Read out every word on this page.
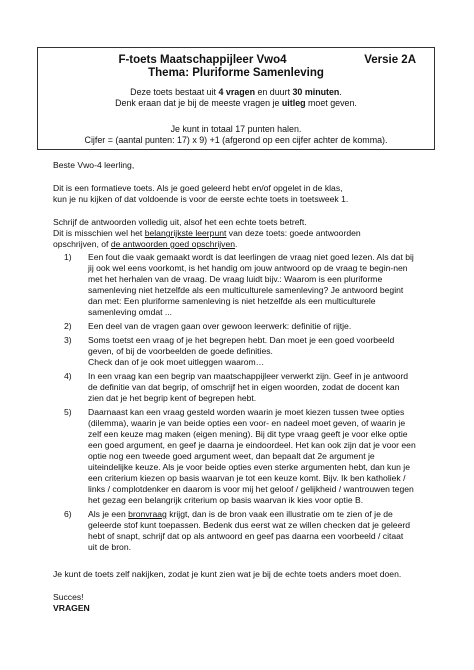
F-toets Maatschappijleer Vwo4	Versie 2A
Thema: Pluriforme Samenleving
Deze toets bestaat uit 4 vragen en duurt 30 minuten.
Denk eraan dat je bij de meeste vragen je uitleg moet geven.
Je kunt in totaal 17 punten halen.
Cijfer = (aantal punten: 17) x 9) +1 (afgerond op een cijfer achter de komma).
Beste Vwo-4 leerling,
Dit is een formatieve toets. Als je goed geleerd hebt en/of opgelet in de klas,
kun je nu kijken of dat voldoende is voor de eerste echte toets in toetsweek 1.
Schrijf de antwoorden volledig uit, alsof het een echte toets betreft.
Dit is misschien wel het belangrijkste leerpunt van deze toets: goede antwoorden
opschrijven, of de antwoorden goed opschrijven.
1) Een fout die vaak gemaakt wordt is dat leerlingen de vraag niet goed lezen. Als dat bij
jij ook wel eens voorkomt, is het handig om jouw antwoord op de vraag te begin-nen
met het herhalen van de vraag. De vraag luidt bijv.: Waarom is een pluriforme
samenleving niet hetzelfde als een multiculturele samenleving? Je antwoord begint
dan met: Een pluriforme samenleving is niet hetzelfde als een multiculturele
samenleving omdat ...
2) Een deel van de vragen gaan over gewoon leerwerk: definitie of rijtje.
3) Soms toetst een vraag of je het begrepen hebt. Dan moet je een goed voorbeeld
geven, of bij de voorbeelden de goede definities.
Check dan of je ook moet uitleggen waarom…
4) In een vraag kan een begrip van maatschappijleer verwerkt zijn. Geef in je antwoord
de definitie van dat begrip, of omschrijf het in eigen woorden, zodat de docent kan
zien dat je het begrip kent of begrepen hebt.
5) Daarnaast kan een vraag gesteld worden waarin je moet kiezen tussen twee opties
(dilemma), waarin je van beide opties een voor- en nadeel moet geven, of waarin je
zelf een keuze mag maken (eigen mening). Bij dit type vraag geeft je voor elke optie
een goed argument, en geef je daarna je eindoordeel. Het kan ook zijn dat je voor een
optie nog een tweede goed argument weet, dan bepaalt dat 2e argument je
uiteindelijke keuze. Als je voor beide opties even sterke argumenten hebt, dan kun je
een criterium kiezen op basis waarvan je tot een keuze komt. Bijv. Ik ben katholiek /
links / complotdenker en daarom is voor mij het geloof / gelijkheid / wantrouwen tegen
het gezag een belangrijk criterium op basis waarvan ik kies voor optie B.
6) Als je een bronvraag krijgt, dan is de bron vaak een illustratie om te zien of je de
geleerde stof kunt toepassen. Bedenk dus eerst wat ze willen checken dat je geleerd
hebt of snapt, schrijf dat op als antwoord en geef pas daarna een voorbeeld / citaat
uit de bron.
Je kunt de toets zelf nakijken, zodat je kunt zien wat je bij de echte toets anders moet doen.
Succes!
VRAGEN
